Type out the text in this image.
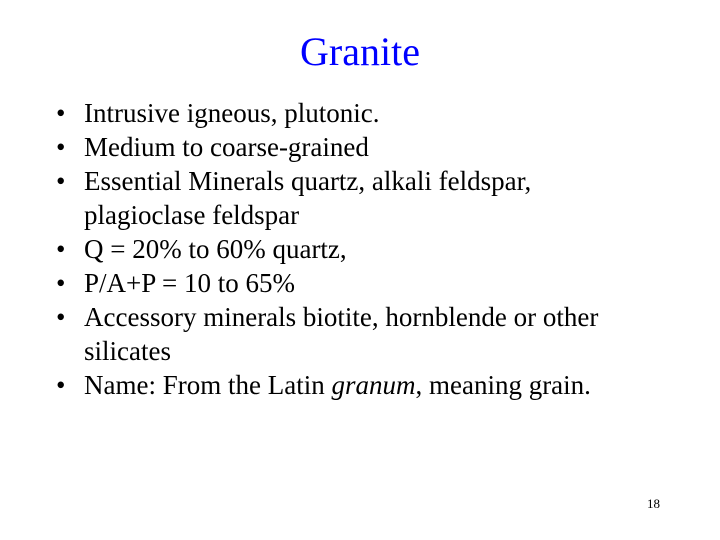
Granite
• Intrusive igneous, plutonic.
• Medium to coarse-grained
• Essential Minerals quartz, alkali feldspar, plagioclase feldspar
• Q = 20% to 60% quartz,
• P/A+P = 10 to 65%
• Accessory minerals biotite, hornblende or other silicates
• Name: From the Latin granum, meaning grain.
18
